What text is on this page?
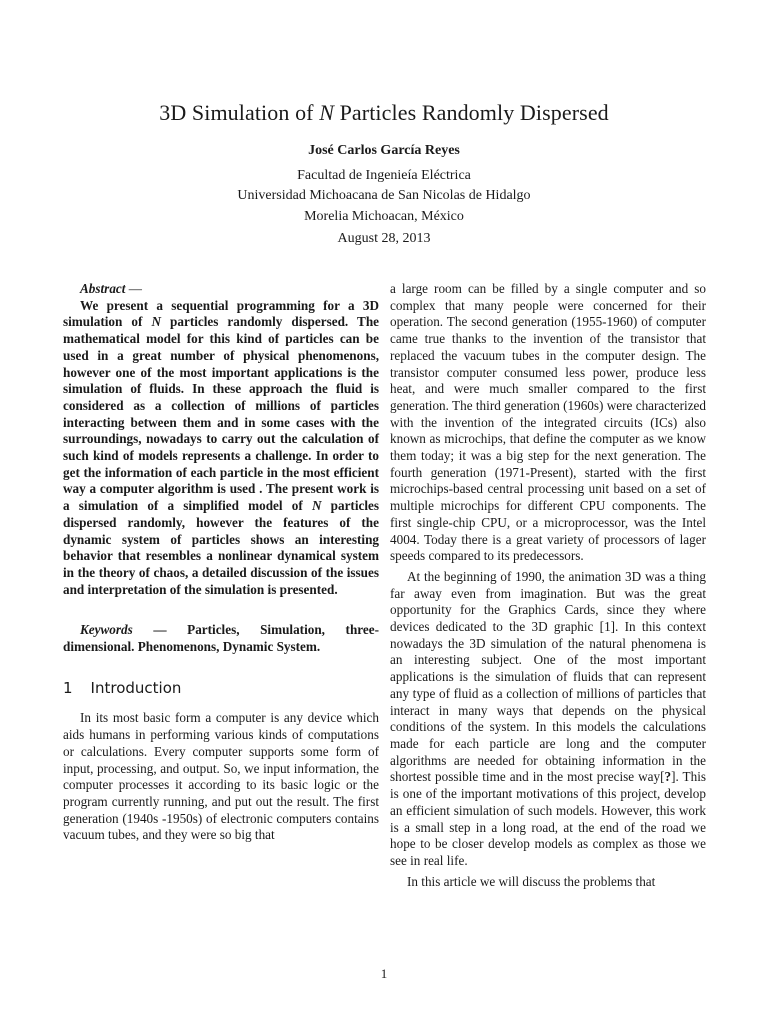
3D Simulation of N Particles Randomly Dispersed
José Carlos García Reyes
Facultad de Ingenieía Eléctrica
Universidad Michoacana de San Nicolas de Hidalgo
Morelia Michoacan, México
August 28, 2013

Abstract —

We present a sequential programming for a 3D simulation of N particles randomly dispersed. The mathematical model for this kind of particles can be used in a great number of physical phenomenons, however one of the most important applications is the simulation of fluids. In these approach the fluid is considered as a collection of millions of particles interacting between them and in some cases with the surroundings, nowadays to carry out the calculation of such kind of models represents a challenge. In order to get the information of each particle in the most efficient way a computer algorithm is used . The present work is a simulation of a simplified model of N particles dispersed randomly, however the features of the dynamic system of particles shows an interesting behavior that resembles a nonlinear dynamical system in the theory of chaos, a detailed discussion of the issues and interpretation of the simulation is presented.

Keywords — Particles, Simulation, three-dimensional. Phenomenons, Dynamic System.

1 Introduction

In its most basic form a computer is any device which aids humans in performing various kinds of computations or calculations. Every computer supports some form of input, processing, and output. So, we input information, the computer processes it according to its basic logic or the program currently running, and put out the result. The first generation (1940s -1950s) of electronic computers contains vacuum tubes, and they were so big that

a large room can be filled by a single computer and so complex that many people were concerned for their operation. The second generation (1955-1960) of computer came true thanks to the invention of the transistor that replaced the vacuum tubes in the computer design. The transistor computer consumed less power, produce less heat, and were much smaller compared to the first generation. The third generation (1960s) were characterized with the invention of the integrated circuits (ICs) also known as microchips, that define the computer as we know them today; it was a big step for the next generation. The fourth generation (1971-Present), started with the first microchips-based central processing unit based on a set of multiple microchips for different CPU components. The first single-chip CPU, or a microprocessor, was the Intel 4004. Today there is a great variety of processors of lager speeds compared to its predecessors.

At the beginning of 1990, the animation 3D was a thing far away even from imagination. But was the great opportunity for the Graphics Cards, since they where devices dedicated to the 3D graphic [1]. In this context nowadays the 3D simulation of the natural phenomena is an interesting subject. One of the most important applications is the simulation of fluids that can represent any type of fluid as a collection of millions of particles that interact in many ways that depends on the physical conditions of the system. In this models the calculations made for each particle are long and the computer algorithms are needed for obtaining information in the shortest possible time and in the most precise way[?]. This is one of the important motivations of this project, develop an efficient simulation of such models. However, this work is a small step in a long road, at the end of the road we hope to be closer develop models as complex as those we see in real life.

In this article we will discuss the problems that

1
